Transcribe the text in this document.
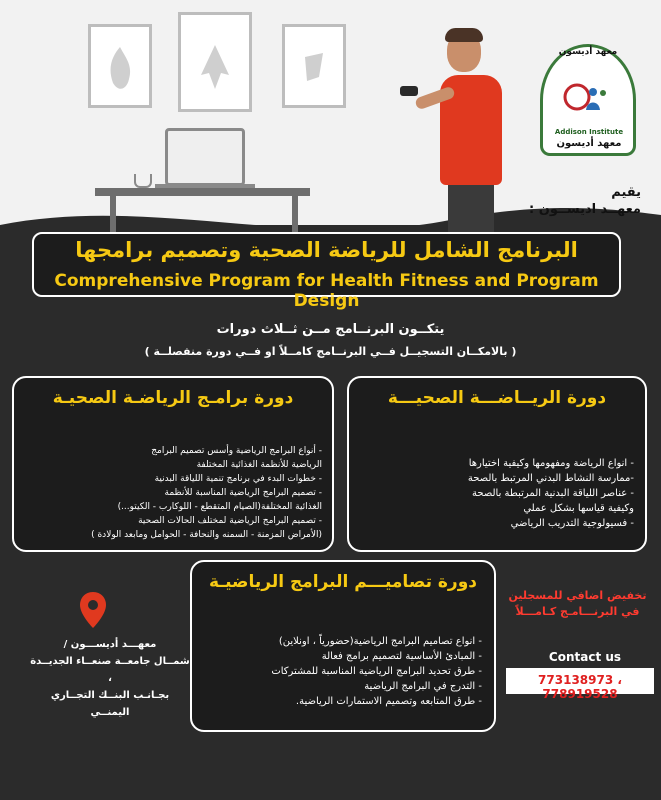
معهد أديسون
Addison Institute
معهد أديسون
يقيم
معهــد اديســون :
البرنامج الشامل للرياضة الصحية وتصميم برامجها
Comprehensive Program for Health Fitness and Program Design
يتكــون البرنــامج مــن ثــلاث دورات
( بالامكــان التسجيــل فــي البرنــامج كامــلاً او فــي دورة منفصلــة )
دورة الريــاضـــة الصحيـــة
- انواع الرياضة ومفهومها وكيفية اختيارها
-ممارسة النشاط البدني المرتبط بالصحة
- عناصر اللياقة البدنية المرتبطة بالصحة
وكيفية قياسها بشكل عملي
- فسيولوجية التدريب الرياضي
دورة برامـج الرياضـة الصحيـة
- أنواع البرامج الرياضية وأسس تصميم البرامج
الرياضية للأنظمة الغذائية المختلفة
- خطوات البدء في برنامج تنمية اللياقة البدنية
- تصميم البرامج الرياضية المناسبة للأنظمة
الغذائية المختلفة(الصيام المتقطع - اللوكارب - الكيتو...)
- تصميم البرامج الرياضية لمختلف الحالات الصحية
(الأمراض المزمنة - السمنه والنحافة - الحوامل ومابعد الولادة )
دورة تصاميـــم البرامج الرياضيـة
- انواع تصاميم البرامج الرياضية(حضورياً ، اونلاين)
- المبادئ الأساسية لتصميم برامج فعالة
- طرق تحديد البرامج الرياضية المناسبة للمشتركات
- التدرج في البرامج الرياضية
- طرق المتابعه وتصميم الاستمارات الرياضية.
تخفيض اضافي للمسجلين
في البرنـــامـج كـامـــلاً
Contact us
773138973 ، 778919528
معهـــد أديســـون /
شمــال جامعــة صنعــاء الجديــدة ،
بجـانـب البنــك التجــاري اليمنــي
